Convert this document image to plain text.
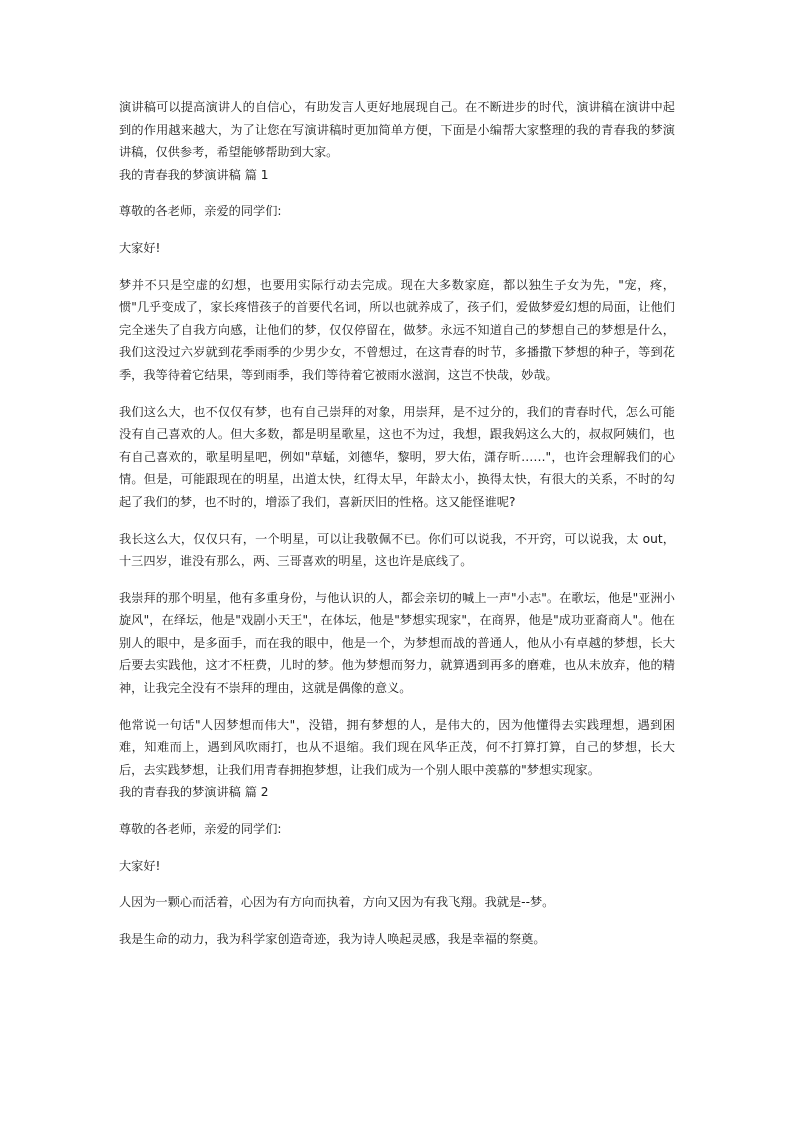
演讲稿可以提高演讲人的自信心，有助发言人更好地展现自己。在不断进步的时代，演讲稿在演讲中起到的作用越来越大，为了让您在写演讲稿时更加简单方便，下面是小编帮大家整理的我的青春我的梦演讲稿，仅供参考，希望能够帮助到大家。

我的青春我的梦演讲稿 篇 1

尊敬的各老师，亲爱的同学们:

大家好!

梦并不只是空虚的幻想，也要用实际行动去完成。现在大多数家庭，都以独生子女为先，"宠，疼，惯"几乎变成了，家长疼惜孩子的首要代名词，所以也就养成了，孩子们，爱做梦爱幻想的局面，让他们完全迷失了自我方向感，让他们的梦，仅仅停留在，做梦。永远不知道自己的梦想自己的梦想是什么，我们这没过六岁就到花季雨季的少男少女，不曾想过，在这青春的时节，多播撒下梦想的种子，等到花季，我等待着它结果，等到雨季，我们等待着它被雨水滋润，这岂不快哉，妙哉。

我们这么大，也不仅仅有梦，也有自己崇拜的对象，用崇拜，是不过分的，我们的青春时代，怎么可能没有自己喜欢的人。但大多数，都是明星歌星，这也不为过，我想，跟我妈这么大的，叔叔阿姨们，也有自己喜欢的，歌星明星吧，例如"草蜢，刘德华，黎明，罗大佑，潇存昕……"，也许会理解我们的心情。但是，可能跟现在的明星，出道太快，红得太早，年龄太小，换得太快，有很大的关系，不时的勾起了我们的梦，也不时的，增添了我们，喜新厌旧的性格。这又能怪谁呢?

我长这么大，仅仅只有，一个明星，可以让我敬佩不已。你们可以说我，不开窍，可以说我，太 out，十三四岁，谁没有那么，两、三哥喜欢的明星，这也许是底线了。

我崇拜的那个明星，他有多重身份，与他认识的人，都会亲切的喊上一声"小志"。在歌坛，他是"亚洲小旋风"，在绎坛，他是"戏剧小天王"，在体坛，他是"梦想实现家"，在商界，他是"成功亚裔商人"。他在别人的眼中，是多面手，而在我的眼中，他是一个，为梦想而战的普通人，他从小有卓越的梦想，长大后要去实践他，这才不枉费，儿时的梦。他为梦想而努力，就算遇到再多的磨难，也从未放弃，他的精神，让我完全没有不崇拜的理由，这就是偶像的意义。

他常说一句话"人因梦想而伟大"，没错，拥有梦想的人，是伟大的，因为他懂得去实践理想，遇到困难，知难而上，遇到风吹雨打，也从不退缩。我们现在风华正茂，何不打算打算，自己的梦想，长大后，去实践梦想，让我们用青春拥抱梦想，让我们成为一个别人眼中羡慕的"梦想实现家。

我的青春我的梦演讲稿 篇 2

尊敬的各老师，亲爱的同学们:

大家好!

人因为一颗心而活着，心因为有方向而执着，方向又因为有我飞翔。我就是--梦。

我是生命的动力，我为科学家创造奇迹，我为诗人唤起灵感，我是幸福的祭奠。
